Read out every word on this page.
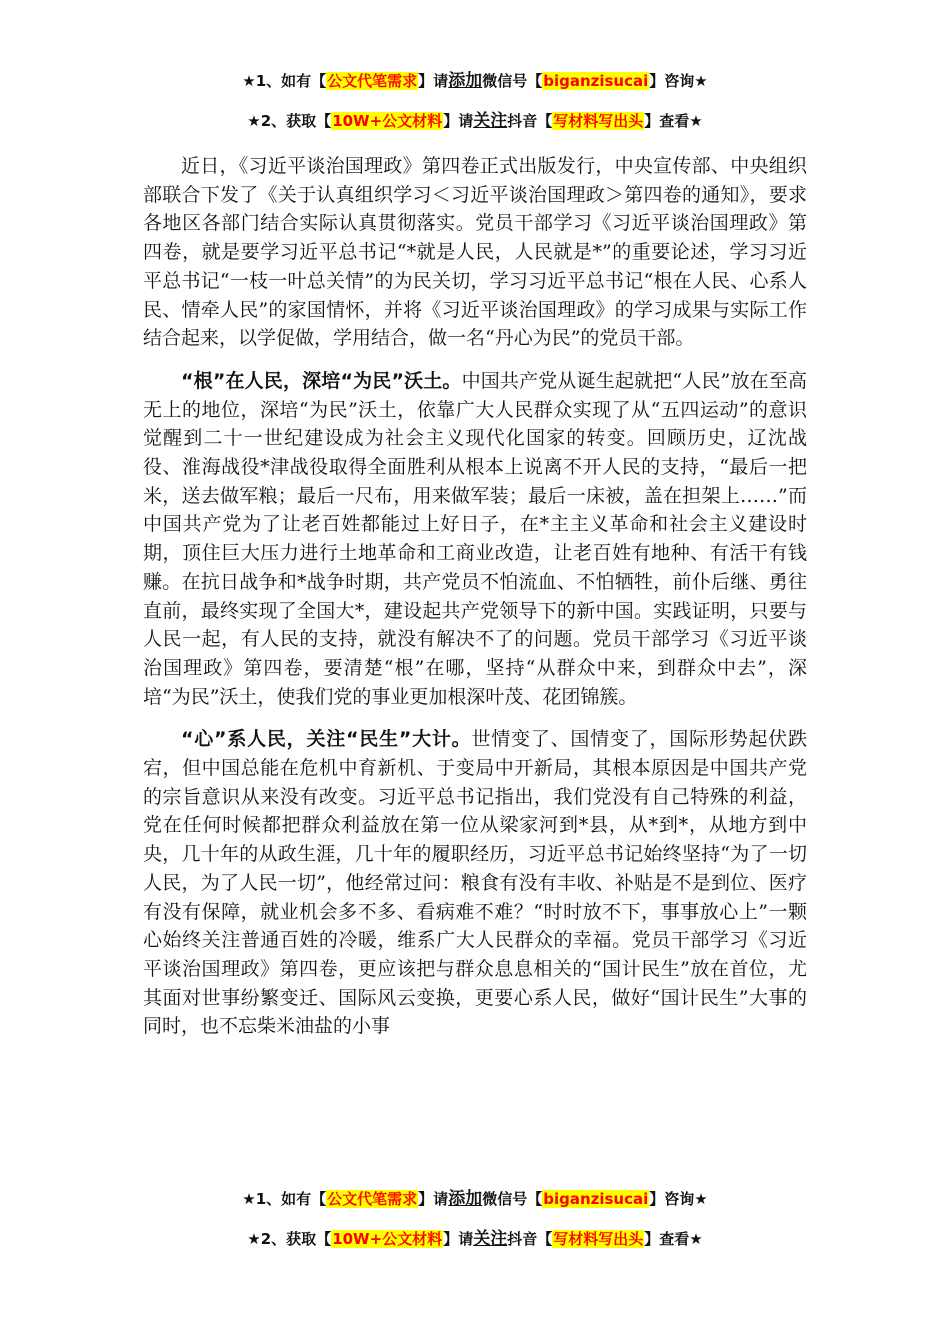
★1、如有【公文代笔需求】请添加微信号【biganzisucai】咨询★
★2、获取【10W+公文材料】请关注抖音【写材料写出头】查看★

近日，《习近平谈治国理政》第四卷正式出版发行，中央宣传部、中央组织部联合下发了《关于认真组织学习＜习近平谈治国理政＞第四卷的通知》，要求各地区各部门结合实际认真贯彻落实。党员干部学习《习近平谈治国理政》第四卷，就是要学习近平总书记“*就是人民，人民就是*”的重要论述，学习习近平总书记“一枝一叶总关情”的为民关切，学习习近平总书记“根在人民、心系人民、情牵人民”的家国情怀，并将《习近平谈治国理政》的学习成果与实际工作结合起来，以学促做，学用结合，做一名“丹心为民”的党员干部。

“根”在人民，深培“为民”沃土。中国共产党从诞生起就把“人民”放在至高无上的地位，深培“为民”沃土，依靠广大人民群众实现了从“五四运动”的意识觉醒到二十一世纪建设成为社会主义现代化国家的转变。回顾历史，辽沈战役、淮海战役*津战役取得全面胜利从根本上说离不开人民的支持，“最后一把米，送去做军粮；最后一尺布，用来做军装；最后一床被，盖在担架上……”而中国共产党为了让老百姓都能过上好日子，在*主主义革命和社会主义建设时期，顶住巨大压力进行土地革命和工商业改造，让老百姓有地种、有活干有钱赚。在抗日战争和*战争时期，共产党员不怕流血、不怕牺牲，前仆后继、勇往直前，最终实现了全国大*，建设起共产党领导下的新中国。实践证明，只要与人民一起，有人民的支持，就没有解决不了的问题。党员干部学习《习近平谈治国理政》第四卷，要清楚“根”在哪，坚持“从群众中来，到群众中去”，深培“为民”沃土，使我们党的事业更加根深叶茂、花团锦簇。

“心”系人民，关注“民生”大计。世情变了、国情变了，国际形势起伏跌宕，但中国总能在危机中育新机、于变局中开新局，其根本原因是中国共产党的宗旨意识从来没有改变。习近平总书记指出，我们党没有自己特殊的利益，党在任何时候都把群众利益放在第一位从梁家河到*县，从*到*，从地方到中央，几十年的从政生涯，几十年的履职经历，习近平总书记始终坚持“为了一切人民，为了人民一切”，他经常过问：粮食有没有丰收、补贴是不是到位、医疗有没有保障，就业机会多不多、看病难不难？“时时放不下，事事放心上”一颗心始终关注普通百姓的冷暖，维系广大人民群众的幸福。党员干部学习《习近平谈治国理政》第四卷，更应该把与群众息息相关的“国计民生”放在首位，尤其面对世事纷繁变迁、国际风云变换，更要心系人民，做好“国计民生”大事的同时，也不忘柴米油盐的小事

★1、如有【公文代笔需求】请添加微信号【biganzisucai】咨询★
★2、获取【10W+公文材料】请关注抖音【写材料写出头】查看★
